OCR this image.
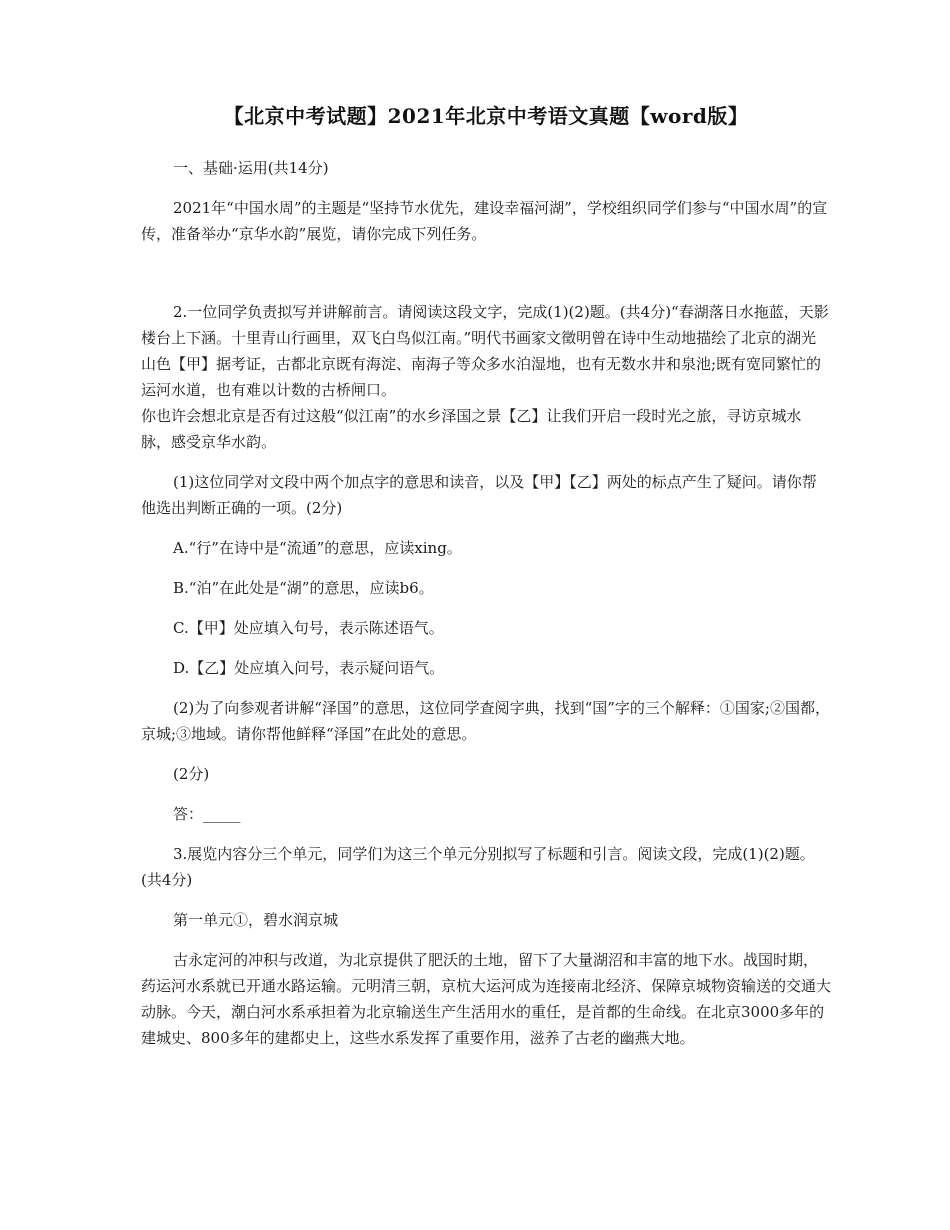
【北京中考试题】2021年北京中考语文真题【word版】

一、基础·运用(共14分)

2021年“中国水周”的主题是“坚持节水优先，建设幸福河湖”，学校组织同学们参与“中国水周”的宣传，准备举办“京华水韵”展览，请你完成下列任务。

2.一位同学负责拟写并讲解前言。请阅读这段文字，完成(1)(2)题。(共4分)“春湖落日水拖蓝，天影楼台上下涵。十里青山行画里，双飞白鸟似江南。”明代书画家文徵明曾在诗中生动地描绘了北京的湖光山色【甲】据考证，古都北京既有海淀、南海子等众多水泊湿地，也有无数水井和泉池;既有宽同繁忙的运河水道，也有难以计数的古桥闸口。

你也许会想北京是否有过这般“似江南”的水乡泽国之景【乙】让我们开启一段时光之旅，寻访京城水脉，感受京华水韵。

(1)这位同学对文段中两个加点字的意思和读音，以及【甲】【乙】两处的标点产生了疑问。请你帮他选出判断正确的一项。(2分)

A.“行”在诗中是“流通”的意思，应读xing。

B.“泊”在此处是“湖”的意思，应读b6。

C.【甲】处应填入句号，表示陈述语气。

D.【乙】处应填入问号，表示疑问语气。

(2)为了向参观者讲解“泽国”的意思，这位同学查阅字典，找到“国”字的三个解释：①国家;②国都，京城;③地域。请你帮他鲜释“泽国”在此处的意思。

(2分)

答：_____

3.展览内容分三个单元，同学们为这三个单元分别拟写了标题和引言。阅读文段，完成(1)(2)题。(共4分)

第一单元①，碧水润京城

古永定河的冲积与改道，为北京提供了肥沃的土地，留下了大量湖沼和丰富的地下水。战国时期，药运河水系就已开通水路运输。元明清三朝，京杭大运河成为连接南北经济、保障京城物资输送的交通大动脉。今天，潮白河水系承担着为北京输送生产生活用水的重任，是首都的生命线。在北京3000多年的建城史、800多年的建都史上，这些水系发挥了重要作用，滋养了古老的幽燕大地。
